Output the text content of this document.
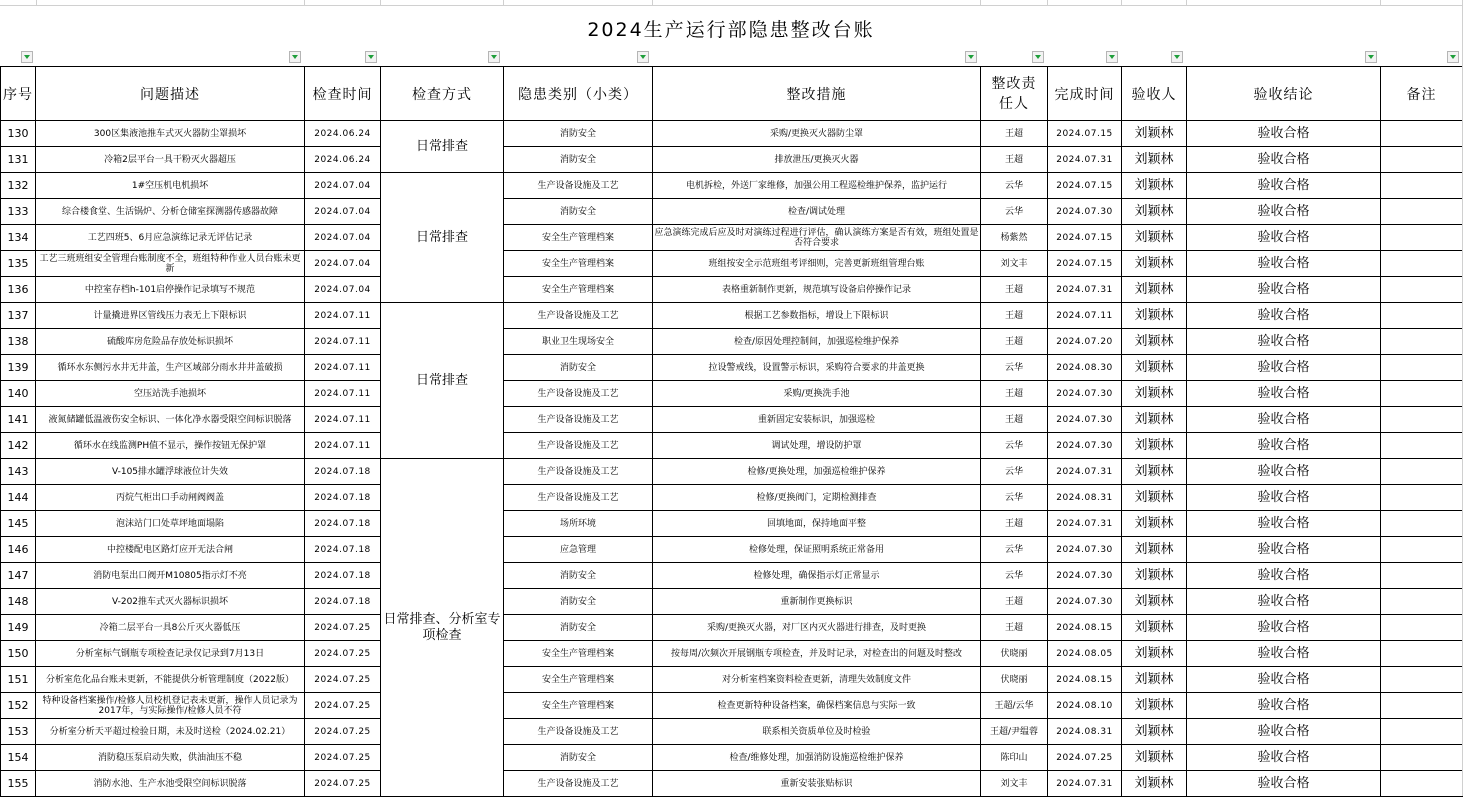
2024生产运行部隐患整改台账
序号	问题描述	检查时间	检查方式	隐患类别（小类）	整改措施	整改责任人	完成时间	验收人	验收结论	备注
130	300区集液池推车式灭火器防尘罩损坏	2024.06.24	日常排查	消防安全	采购/更换灭火器防尘罩	王超	2024.07.15	刘颖林	验收合格	
131	冷箱2层平台一具干粉灭火器超压	2024.06.24		消防安全	排放泄压/更换灭火器	王超	2024.07.31	刘颖林	验收合格	
132	1#空压机电机损坏	2024.07.04	日常排查	生产设备设施及工艺	电机拆检，外送厂家维修，加强公用工程巡检维护保养，监护运行	云华	2024.07.15	刘颖林	验收合格	
133	综合楼食堂、生活锅炉、分析仓储室探测器传感器故障	2024.07.04		消防安全	检查/调试处理	云华	2024.07.30	刘颖林	验收合格	
134	工艺四班5、6月应急演练记录无评估记录	2024.07.04		安全生产管理档案	应急演练完成后应及时对演练过程进行评估，确认演练方案是否有效，班组处置是否符合要求	杨紫然	2024.07.15	刘颖林	验收合格	
135	工艺三班班组安全管理台账制度不全，班组特种作业人员台账未更新	2024.07.04		安全生产管理档案	班组按安全示范班组考评细则，完善更新班组管理台账	刘文丰	2024.07.15	刘颖林	验收合格	
136	中控室存档h-101启停操作记录填写不规范	2024.07.04		安全生产管理档案	表格重新制作更新，规范填写设备启停操作记录	王超	2024.07.31	刘颖林	验收合格	
137	计量撬进界区管线压力表无上下限标识	2024.07.11	日常排查	生产设备设施及工艺	根据工艺参数指标，增设上下限标识	王超	2024.07.11	刘颖林	验收合格	
138	硫酸库房危险品存放处标识损坏	2024.07.11		职业卫生现场安全	检查/原因处理控制间，加强巡检维护保养	王超	2024.07.20	刘颖林	验收合格	
139	循环水东侧污水井无井盖，生产区域部分雨水井井盖破损	2024.07.11		消防安全	拉设警戒线，设置警示标识，采购符合要求的井盖更换	云华	2024.08.30	刘颖林	验收合格	
140	空压站洗手池损坏	2024.07.11		生产设备设施及工艺	采购/更换洗手池	王超	2024.07.30	刘颖林	验收合格	
141	液氮储罐低温液伤安全标识、一体化净水器受限空间标识脱落	2024.07.11		生产设备设施及工艺	重新固定安装标识，加强巡检	王超	2024.07.30	刘颖林	验收合格	
142	循环水在线监测PH值不显示，操作按钮无保护罩	2024.07.11		生产设备设施及工艺	调试处理，增设防护罩	云华	2024.07.30	刘颖林	验收合格	
143	V-105排水罐浮球液位计失效	2024.07.18	日常排查、分析室专项检查	生产设备设施及工艺	检修/更换处理，加强巡检维护保养	云华	2024.07.31	刘颖林	验收合格	
144	丙烷气柜出口手动闸阀阀盖	2024.07.18		生产设备设施及工艺	检修/更换阀门，定期检测排查	云华	2024.08.31	刘颖林	验收合格	
145	泡沫站门口处草坪地面塌陷	2024.07.18		场所环境	回填地面，保持地面平整	王超	2024.07.31	刘颖林	验收合格	
146	中控楼配电区路灯应开无法合闸	2024.07.18		应急管理	检修处理，保证照明系统正常备用	云华	2024.07.30	刘颖林	验收合格	
147	消防电泵出口阀开M10805指示灯不亮	2024.07.18		消防安全	检修处理，确保指示灯正常显示	云华	2024.07.30	刘颖林	验收合格	
148	V-202推车式灭火器标识损坏	2024.07.18		消防安全	重新制作更换标识	王超	2024.07.30	刘颖林	验收合格	
149	冷箱二层平台一具8公斤灭火器低压	2024.07.25		消防安全	采购/更换灭火器，对厂区内灭火器进行排查，及时更换	王超	2024.08.15	刘颖林	验收合格	
150	分析室标气钢瓶专项检查记录仅记录到7月13日	2024.07.25		安全生产管理档案	按每周/次频次开展钢瓶专项检查，并及时记录，对检查出的问题及时整改	伏晓丽	2024.08.05	刘颖林	验收合格	
151	分析室危化品台账未更新，不能提供分析管理制度（2022版）	2024.07.25		安全生产管理档案	对分析室档案资料检查更新，清理失效制度文件	伏晓丽	2024.08.15	刘颖林	验收合格	
152	特种设备档案操作/检修人员校机登记表未更新，操作人员记录为2017年，与实际操作/检修人员不符	2024.07.25		安全生产管理档案	检查更新特种设备档案，确保档案信息与实际一致	王超/云华	2024.08.10	刘颖林	验收合格	
153	分析室分析天平超过检验日期，未及时送检（2024.02.21）	2024.07.25		生产设备设施及工艺	联系相关资质单位及时检验	王超/尹缊蓉	2024.08.31	刘颖林	验收合格	
154	消防稳压泵启动失败，供油油压不稳	2024.07.25		消防安全	检查/维修处理，加强消防设施巡检维护保养	陈印山	2024.07.25	刘颖林	验收合格	
155	消防水池、生产水池受限空间标识脱落	2024.07.25		生产设备设施及工艺	重新安装张贴标识	刘文丰	2024.07.31	刘颖林	验收合格	
